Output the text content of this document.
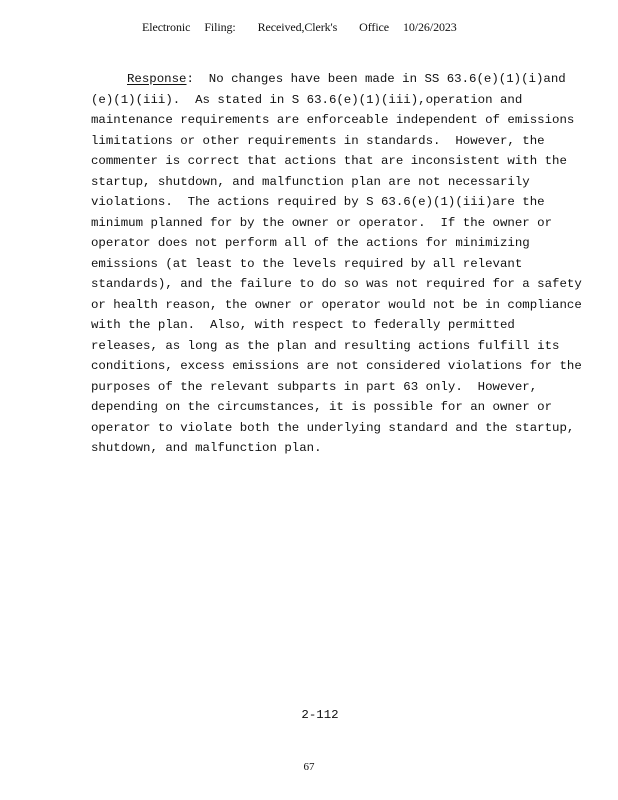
Electronic Filing: Received,Clerk's Office 10/26/2023
Response:  No changes have been made in SS 63.6(e)(1)(i)and
(e)(1)(iii).  As stated in S 63.6(e)(1)(iii),operation and
maintenance requirements are enforceable independent of emissions
limitations or other requirements in standards.  However, the
commenter is correct that actions that are inconsistent with the
startup, shutdown, and malfunction plan are not necessarily
violations.  The actions required by S 63.6(e)(1)(iii)are the
minimum planned for by the owner or operator.  If the owner or
operator does not perform all of the actions for minimizing
emissions (at least to the levels required by all relevant
standards), and the failure to do so was not required for a safety
or health reason, the owner or operator would not be in compliance
with the plan.  Also, with respect to federally permitted
releases, as long as the plan and resulting actions fulfill its
conditions, excess emissions are not considered violations for the
purposes of the relevant subparts in part 63 only.  However,
depending on the circumstances, it is possible for an owner or
operator to violate both the underlying standard and the startup,
shutdown, and malfunction plan.
2-112
67
